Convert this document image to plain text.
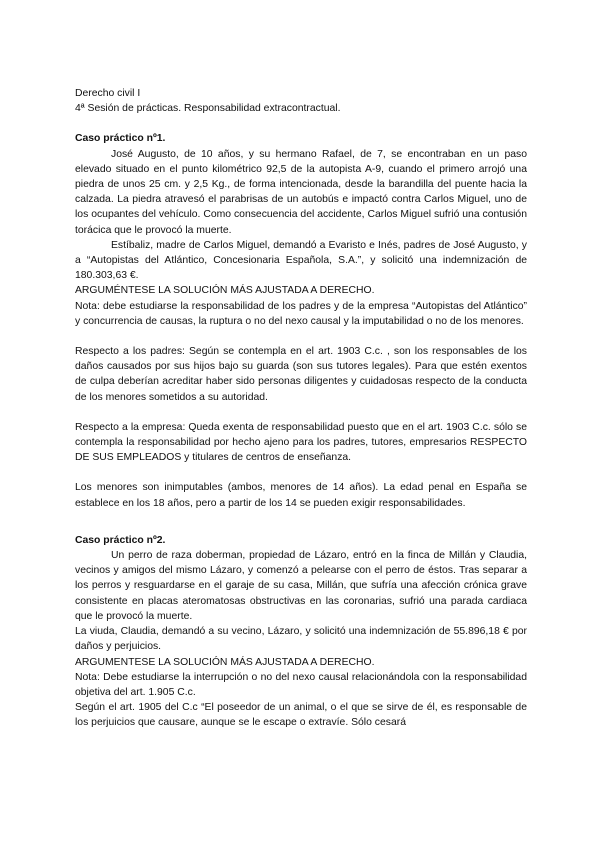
Derecho civil I

4ª Sesión de prácticas. Responsabilidad extracontractual.

Caso práctico nº1.

José Augusto, de 10 años, y su hermano Rafael, de 7, se encontraban en un paso elevado situado en el punto kilométrico 92,5 de la autopista A-9, cuando el primero arrojó una piedra de unos 25 cm. y 2,5 Kg., de forma intencionada, desde la barandilla del puente hacia la calzada. La piedra atravesó el parabrisas de un autobús e impactó contra Carlos Miguel, uno de los ocupantes del vehículo. Como consecuencia del accidente, Carlos Miguel sufrió una contusión torácica que le provocó la muerte.

Estíbaliz, madre de Carlos Miguel, demandó a Evaristo e Inés, padres de José Augusto, y a “Autopistas del Atlántico, Concesionaria Española, S.A.”, y solicitó una indemnización de 180.303,63 €.

ARGUMÉNTESE LA SOLUCIÓN MÁS AJUSTADA A DERECHO.

Nota: debe estudiarse la responsabilidad de los padres y de la empresa “Autopistas del Atlántico” y concurrencia de causas, la ruptura o no del nexo causal y la imputabilidad o no de los menores.

Respecto a los padres: Según se contempla en el art. 1903 C.c. , son los responsables de los daños causados por sus hijos bajo su guarda (son sus tutores legales). Para que estén exentos de culpa deberían acreditar haber sido personas diligentes y cuidadosas respecto de la conducta de los menores sometidos a su autoridad.

Respecto a la empresa: Queda exenta de responsabilidad puesto que en el art. 1903 C.c. sólo se contempla la responsabilidad por hecho ajeno para los padres, tutores, empresarios RESPECTO DE SUS EMPLEADOS y titulares de centros de enseñanza.

Los menores son inimputables (ambos, menores de 14 años). La edad penal en España se establece en los 18 años, pero a partir de los 14 se pueden exigir responsabilidades.

Caso práctico nº2.

Un perro de raza doberman, propiedad de Lázaro, entró en la finca de Millán y Claudia, vecinos y amigos del mismo Lázaro, y comenzó a pelearse con el perro de éstos. Tras separar a los perros y resguardarse en el garaje de su casa, Millán, que sufría una afección crónica grave consistente en placas ateromatosas obstructivas en las coronarias, sufrió una parada cardiaca que le provocó la muerte.

La viuda, Claudia, demandó a su vecino, Lázaro, y solicitó una indemnización de 55.896,18 € por daños y perjuicios.

ARGUMENTESE LA SOLUCIÓN MÁS AJUSTADA A DERECHO.

Nota: Debe estudiarse la interrupción o no del nexo causal relacionándola con la responsabilidad objetiva del art. 1.905 C.c.

Según el art. 1905 del C.c “El poseedor de un animal, o el que se sirve de él, es responsable de los perjuicios que causare, aunque se le escape o extravíe. Sólo cesará
